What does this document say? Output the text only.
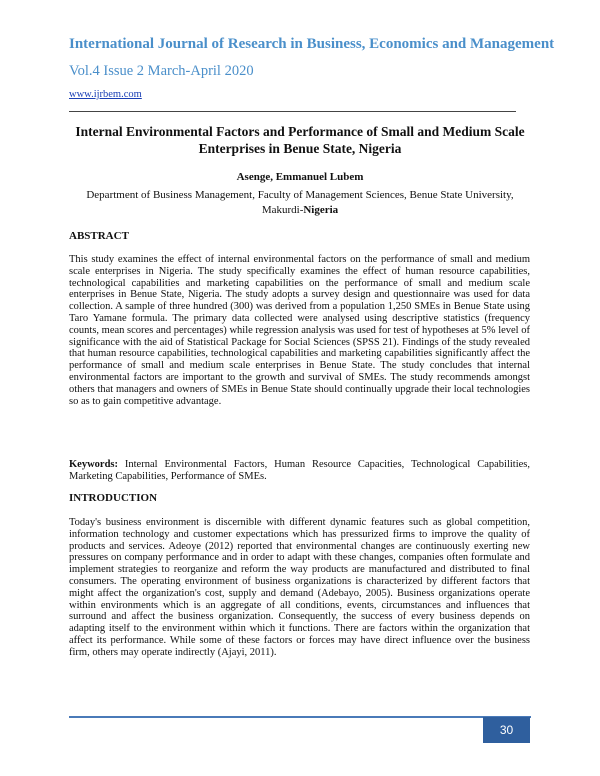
International Journal of Research in Business, Economics and Management

Vol.4 Issue 2 March-April 2020

www.ijrbem.com

Internal Environmental Factors and Performance of Small and Medium Scale Enterprises in Benue State, Nigeria

Asenge, Emmanuel Lubem

Department of Business Management, Faculty of Management Sciences, Benue State University, Makurdi-Nigeria

ABSTRACT

This study examines the effect of internal environmental factors on the performance of small and medium scale enterprises in Nigeria. The study specifically examines the effect of human resource capabilities, technological capabilities and marketing capabilities on the performance of small and medium scale enterprises in Benue State, Nigeria. The study adopts a survey design and questionnaire was used for data collection. A sample of three hundred (300) was derived from a population 1,250 SMEs in Benue State using Taro Yamane formula. The primary data collected were analysed using descriptive statistics (frequency counts, mean scores and percentages) while regression analysis was used for test of hypotheses at 5% level of significance with the aid of Statistical Package for Social Sciences (SPSS 21). Findings of the study revealed that human resource capabilities, technological capabilities and marketing capabilities significantly affect the performance of small and medium scale enterprises in Benue State. The study concludes that internal environmental factors are important to the growth and survival of SMEs. The study recommends amongst others that managers and owners of SMEs in Benue State should continually upgrade their local technologies so as to gain competitive advantage.

Keywords: Internal Environmental Factors, Human Resource Capacities, Technological Capabilities, Marketing Capabilities, Performance of SMEs.

INTRODUCTION

Today's business environment is discernible with different dynamic features such as global competition, information technology and customer expectations which has pressurized firms to improve the quality of products and services. Adeoye (2012) reported that environmental changes are continuously exerting new pressures on company performance and in order to adapt with these changes, companies often formulate and implement strategies to reorganize and reform the way products are manufactured and distributed to final consumers. The operating environment of business organizations is characterized by different factors that might affect the organization's cost, supply and demand (Adebayo, 2005). Business organizations operate within environments which is an aggregate of all conditions, events, circumstances and influences that surround and affect the business organization. Consequently, the success of every business depends on adapting itself to the environment within which it functions. There are factors within the organization that affect its performance. While some of these factors or forces may have direct influence over the business firm, others may operate indirectly (Ajayi, 2011).

30
